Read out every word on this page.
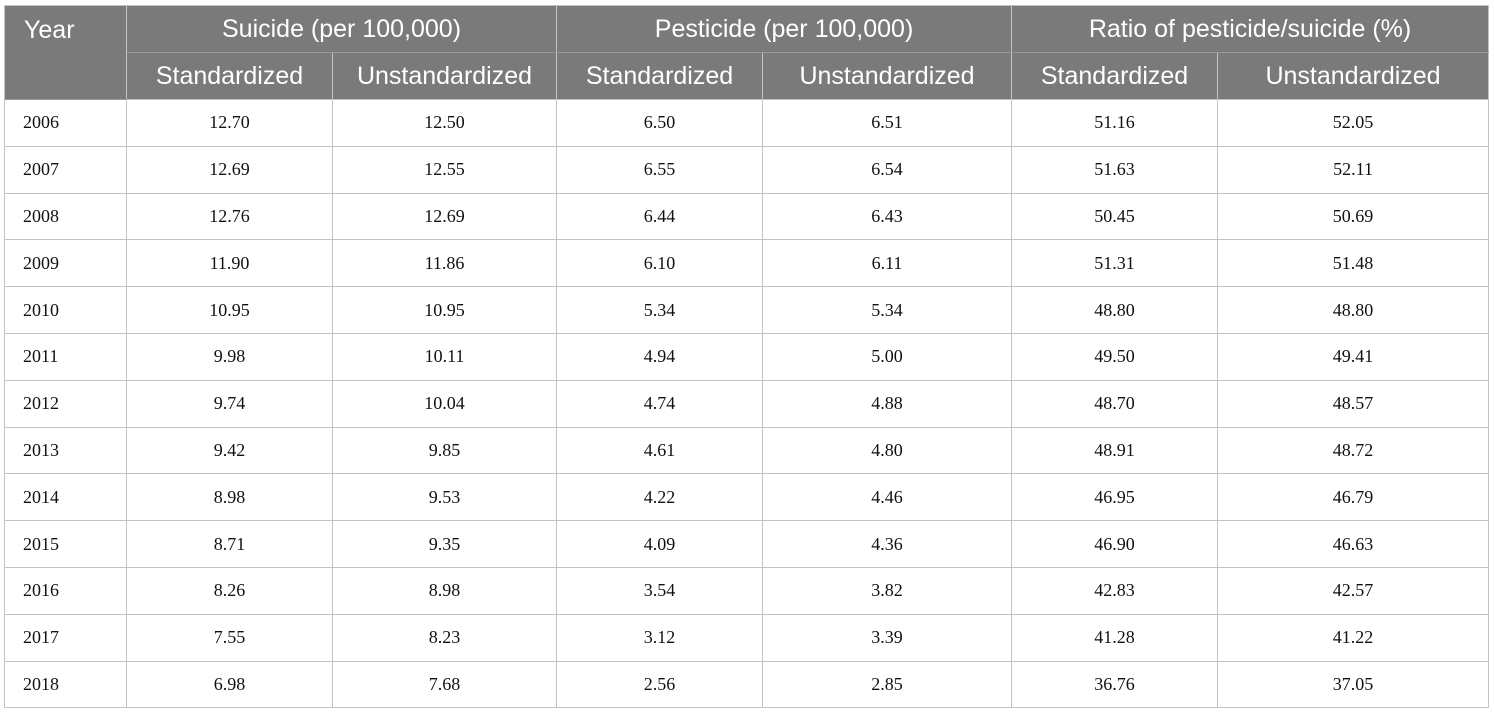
Year	Suicide (per 100,000)		Pesticide (per 100,000)		Ratio of pesticide/suicide (%)	
	Standardized	Unstandardized	Standardized	Unstandardized	Standardized	Unstandardized
2006	12.70	12.50	6.50	6.51	51.16	52.05
2007	12.69	12.55	6.55	6.54	51.63	52.11
2008	12.76	12.69	6.44	6.43	50.45	50.69
2009	11.90	11.86	6.10	6.11	51.31	51.48
2010	10.95	10.95	5.34	5.34	48.80	48.80
2011	9.98	10.11	4.94	5.00	49.50	49.41
2012	9.74	10.04	4.74	4.88	48.70	48.57
2013	9.42	9.85	4.61	4.80	48.91	48.72
2014	8.98	9.53	4.22	4.46	46.95	46.79
2015	8.71	9.35	4.09	4.36	46.90	46.63
2016	8.26	8.98	3.54	3.82	42.83	42.57
2017	7.55	8.23	3.12	3.39	41.28	41.22
2018	6.98	7.68	2.56	2.85	36.76	37.05
